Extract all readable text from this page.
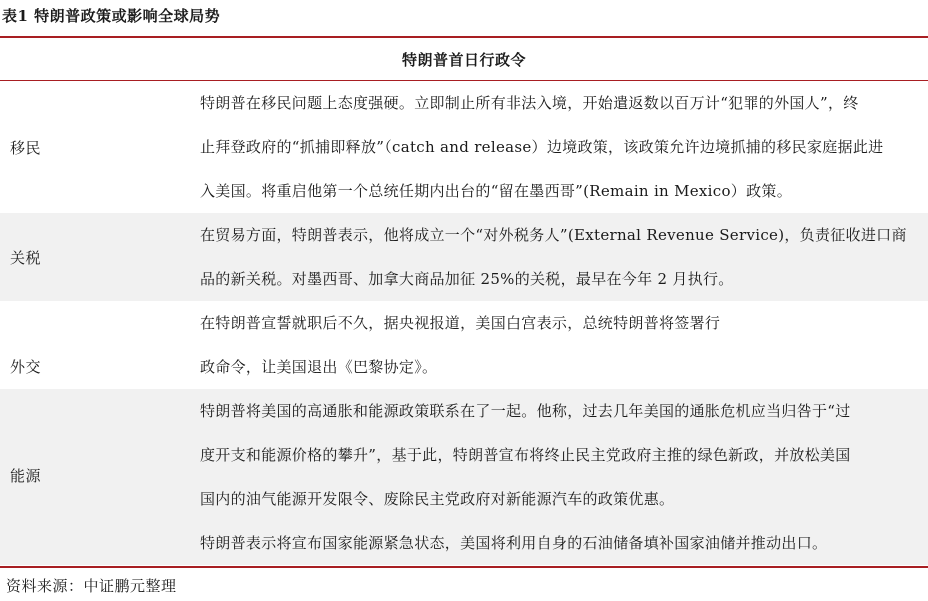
表1 特朗普政策或影响全球局势
特朗普首日行政令
移民
特朗普在移民问题上态度强硬。立即制止所有非法入境，开始遣返数以百万计“犯罪的外国人”，终
止拜登政府的“抓捕即释放”（catch and release）边境政策，该政策允许边境抓捕的移民家庭据此进
入美国。将重启他第一个总统任期内出台的“留在墨西哥”(Remain in Mexico）政策。
关税
在贸易方面，特朗普表示，他将成立一个“对外税务人”(External Revenue Service)，负责征收进口商
品的新关税。对墨西哥、加拿大商品加征 25%的关税，最早在今年 2 月执行。
外交
在特朗普宣誓就职后不久，据央视报道，美国白宫表示，总统特朗普将签署行
政命令，让美国退出《巴黎协定》。
能源
特朗普将美国的高通胀和能源政策联系在了一起。他称，过去几年美国的通胀危机应当归咎于“过
度开支和能源价格的攀升”，基于此，特朗普宣布将终止民主党政府主推的绿色新政，并放松美国
国内的油气能源开发限令、废除民主党政府对新能源汽车的政策优惠。
特朗普表示将宣布国家能源紧急状态，美国将利用自身的石油储备填补国家油储并推动出口。
资料来源：中证鹏元整理
